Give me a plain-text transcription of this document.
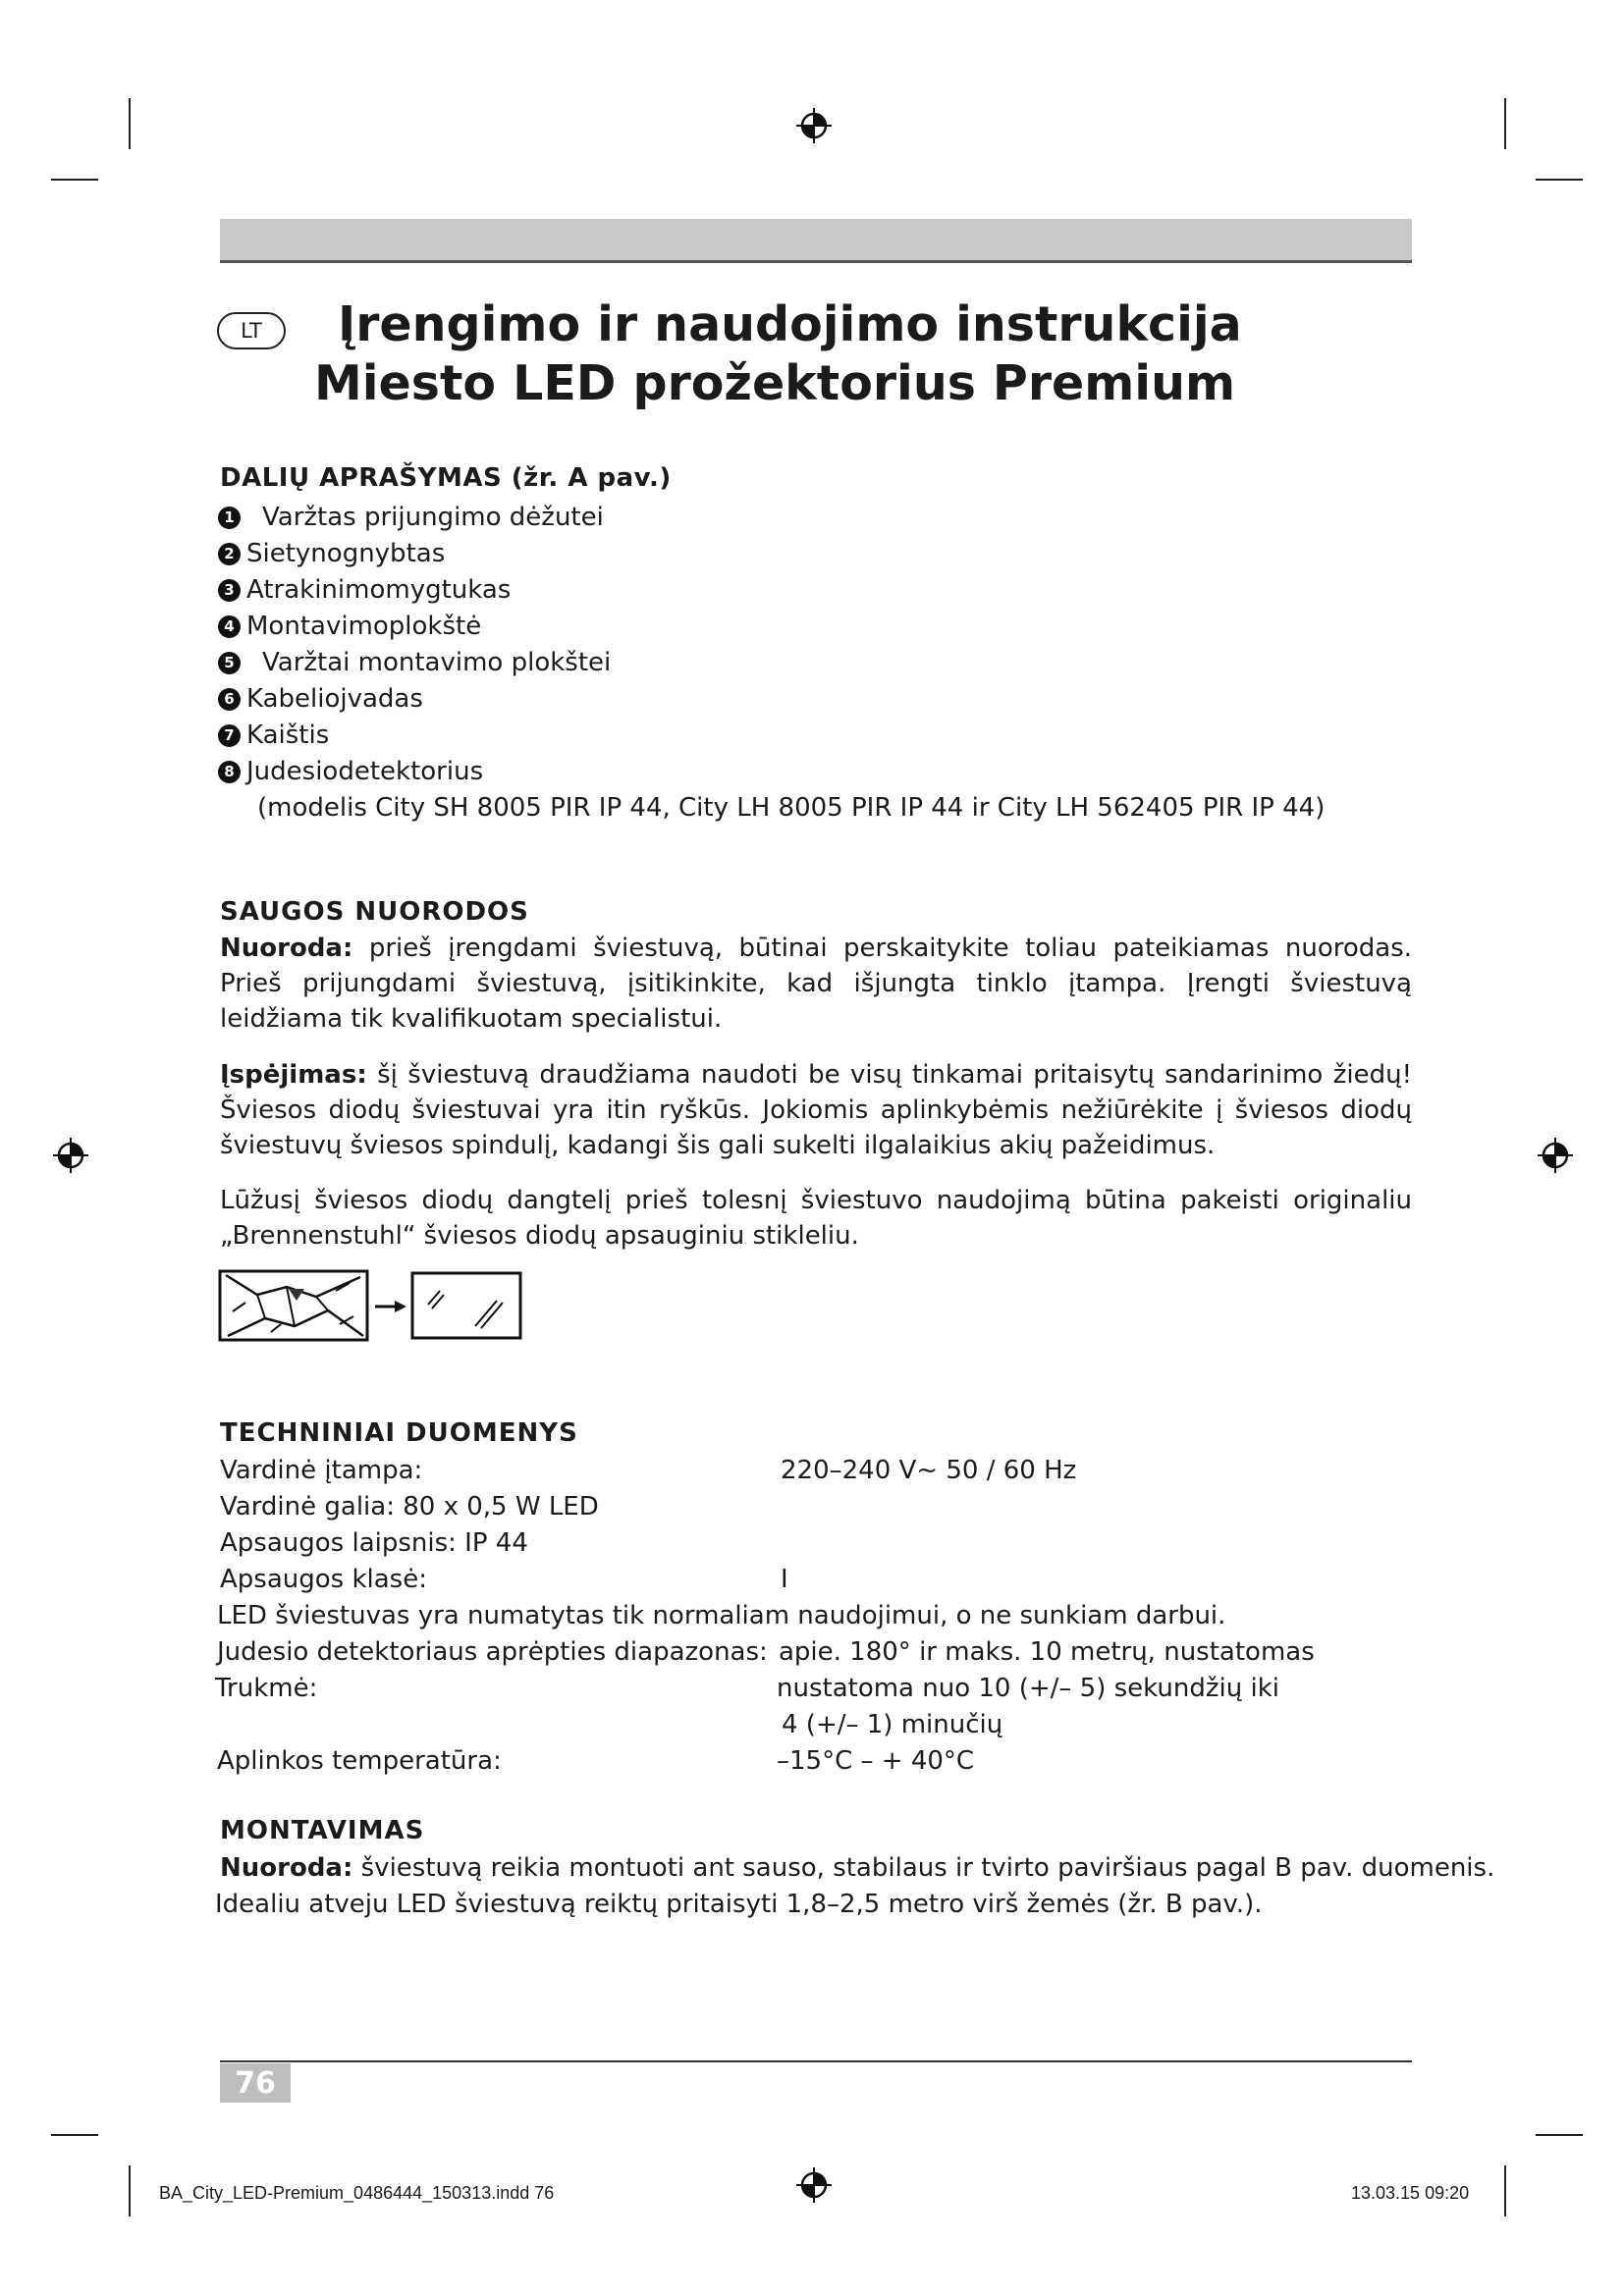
LT	Įrengimo ir naudojimo instrukcija
Miesto LED prožektorius Premium
DALIŲ APRAŠYMAS (žr. A pav.)
1 Varžtas prijungimo dėžutei
2 Sietynognybtas
3 Atrakinimomygtukas
4 Montavimoplokštė
5 Varžtai montavimo plokštei
6 Kabeliojvadas
7 Kaištis
8 Judesiodetektorius
(modelis City SH 8005 PIR IP 44, City LH 8005 PIR IP 44 ir City LH 562405 PIR IP 44)
SAUGOS NUORODOS

Nuoroda: prieš įrengdami šviestuvą, būtinai perskaitykite toliau pateikiamas nuorodas. Prieš prijungdami šviestuvą, įsitikinkite, kad išjungta tinklo įtampa. Įrengti šviestuvą leidžiama tik kvalifikuotam specialistui.

Įspėjimas: šį šviestuvą draudžiama naudoti be visų tinkamai pritaisytų sandarinimo žiedų! Šviesos diodų šviestuvai yra itin ryškūs. Jokiomis aplinkybėmis nežiūrėkite į šviesos diodų šviestuvų šviesos spindulį, kadangi šis gali sukelti ilgalaikius akių pažeidimus.

Lūžusį šviesos diodų dangtelį prieš tolesnį šviestuvo naudojimą būtina pakeisti originaliu „Brennenstuhl“ šviesos diodų apsauginiu stikleliu.

TECHNINIAI DUOMENYS

Vardinė įtampa:	220–240 V~ 50 / 60 Hz

Vardinė galia: 80 x 0,5 W LED

Apsaugos laipsnis: IP 44

Apsaugos klasė:	I

LED šviestuvas yra numatytas tik normaliam naudojimui, o ne sunkiam darbui.

Judesio detektoriaus aprėpties diapazonas: apie. 180° ir maks. 10 metrų, nustatomas

Trukmė:	nustatoma nuo 10 (+/– 5) sekundžių iki

4 (+/– 1) minučių

Aplinkos temperatūra:	–15°C – + 40°C

MONTAVIMAS

Nuoroda: šviestuvą reikia montuoti ant sauso, stabilaus ir tvirto paviršiaus pagal B pav. duomenis.

Idealiu atveju LED šviestuvą reiktų pritaisyti 1,8–2,5 metro virš žemės (žr. B pav.).

76
BA_City_LED-Premium_0486444_150313.indd 76	13.03.15 09:20
